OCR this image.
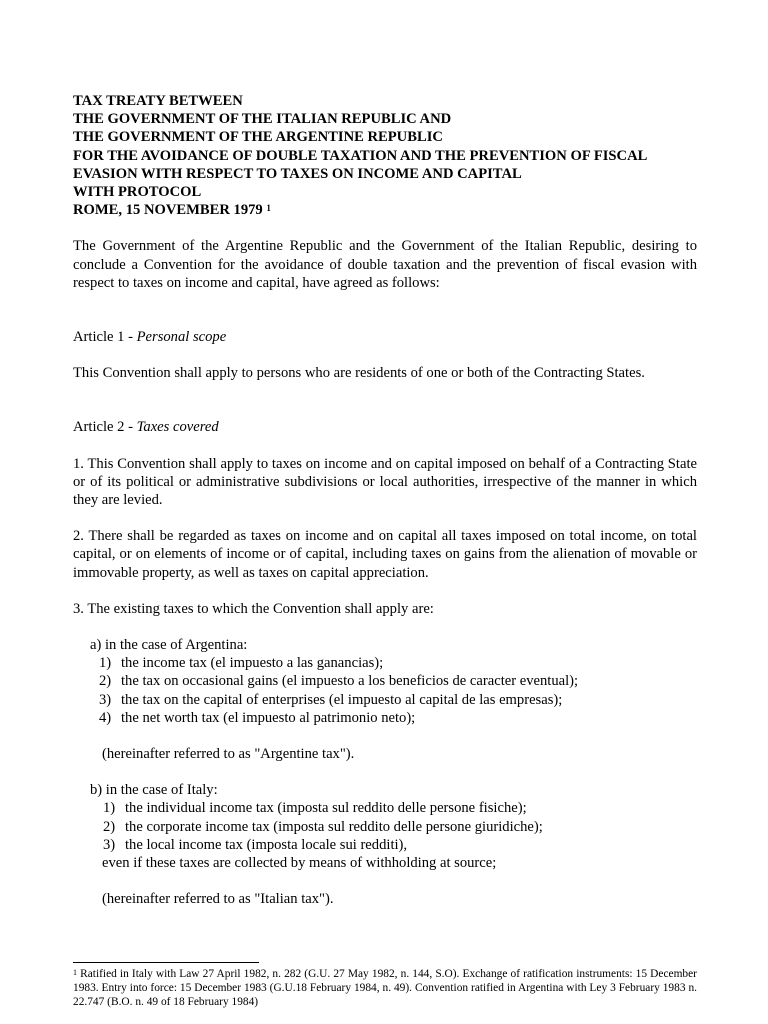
TAX TREATY BETWEEN
THE GOVERNMENT OF THE ITALIAN REPUBLIC AND
THE GOVERNMENT OF THE ARGENTINE REPUBLIC
FOR THE AVOIDANCE OF DOUBLE TAXATION AND THE PREVENTION OF FISCAL
EVASION WITH RESPECT TO TAXES ON INCOME AND CAPITAL
WITH PROTOCOL
ROME, 15 NOVEMBER 1979 $^1$

The Government of the Argentine Republic and the Government of the Italian Republic, desiring to conclude a Convention for the avoidance of double taxation and the prevention of fiscal evasion with respect to taxes on income and capital, have agreed as follows:

Article 1 - Personal scope

This Convention shall apply to persons who are residents of one or both of the Contracting States.

Article 2 - Taxes covered

1. This Convention shall apply to taxes on income and on capital imposed on behalf of a Contracting State or of its political or administrative subdivisions or local authorities, irrespective of the manner in which they are levied.

2. There shall be regarded as taxes on income and on capital all taxes imposed on total income, on total capital, or on elements of income or of capital, including taxes on gains from the alienation of movable or immovable property, as well as taxes on capital appreciation.

3. The existing taxes to which the Convention shall apply are:

a) in the case of Argentina:

1) the income tax (el impuesto a las ganancias);
2) the tax on occasional gains (el impuesto a los beneficios de caracter eventual);
3) the tax on the capital of enterprises (el impuesto al capital de las empresas);
4) the net worth tax (el impuesto al patrimonio neto);

(hereinafter referred to as "Argentine tax").

b) in the case of Italy:

1) the individual income tax (imposta sul reddito delle persone fisiche);
2) the corporate income tax (imposta sul reddito delle persone giuridiche);
3) the local income tax (imposta locale sui redditi),

even if these taxes are collected by means of withholding at source;

(hereinafter referred to as "Italian tax").

$^1$ Ratified in Italy with Law 27 April 1982, n. 282 (G.U. 27 May 1982, n. 144, S.O). Exchange of ratification instruments: 15 December 1983. Entry into force: 15 December 1983 (G.U.18 February 1984, n. 49). Convention ratified in Argentina with Ley 3 February 1983 n. 22.747 (B.O. n. 49 of 18 February 1984)
